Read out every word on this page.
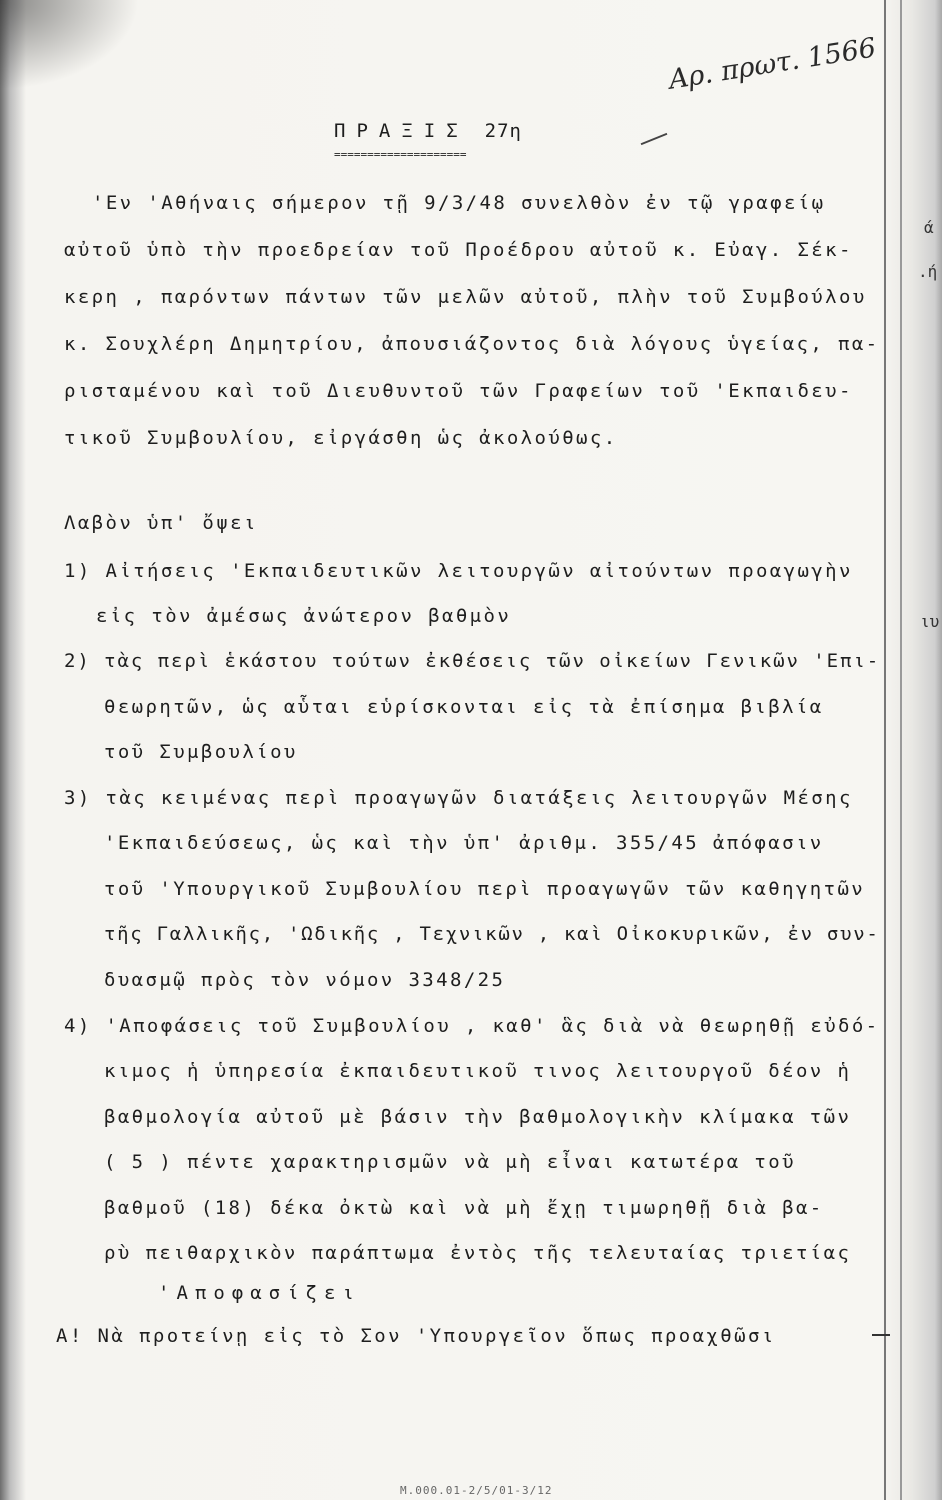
Αρ. πρωτ. 1566
ΠΡΑΞΙΣ 27η
====================
'Εν 'Αθήναις σήμερον τῇ 9/3/48 συνελθὸν ἐν τῷ γραφείῳ
αὐτοῦ ὑπὸ τὴν προεδρείαν τοῦ Προέδρου αὐτοῦ κ. Εὐαγ. Σέκ-
κερη , παρόντων πάντων τῶν μελῶν αὐτοῦ, πλὴν τοῦ Συμβούλου
κ. Σουχλέρη Δημητρίου, ἀπουσιάζοντος διὰ λόγους ὑγείας, πα-
ρισταμένου καὶ τοῦ Διευθυντοῦ τῶν Γραφείων τοῦ 'Εκπαιδευ-
τικοῦ Συμβουλίου, εἰργάσθη ὡς ἀκολούθως.
Λαβὸν ὑπ' ὄψει
1) Αἰτήσεις 'Εκπαιδευτικῶν λειτουργῶν αἰτούντων προαγωγὴν
εἰς τὸν ἀμέσως ἀνώτερον βαθμὸν
2) τὰς περὶ ἑκάστου τούτων ἐκθέσεις τῶν οἰκείων Γενικῶν 'Επι-
θεωρητῶν, ὡς αὗται εὑρίσκονται εἰς τὰ ἐπίσημα βιβλία
τοῦ Συμβουλίου
3) τὰς κειμένας περὶ προαγωγῶν διατάξεις λειτουργῶν Μέσης
'Εκπαιδεύσεως, ὡς καὶ τὴν ὑπ' ἀριθμ. 355/45 ἀπόφασιν
τοῦ 'Υπουργικοῦ Συμβουλίου περὶ προαγωγῶν τῶν καθηγητῶν
τῆς Γαλλικῆς, 'Ωδικῆς , Τεχνικῶν , καὶ Οἰκοκυρικῶν, ἐν συν-
δυασμῷ πρὸς τὸν νόμον 3348/25
4) 'Αποφάσεις τοῦ Συμβουλίου , καθ' ἃς διὰ νὰ θεωρηθῇ εὐδό-
κιμος ἡ ὑπηρεσία ἐκπαιδευτικοῦ τινος λειτουργοῦ δέον ἡ
βαθμολογία αὐτοῦ μὲ βάσιν τὴν βαθμολογικὴν κλίμακα τῶν
( 5 ) πέντε χαρακτηρισμῶν νὰ μὴ εἶναι κατωτέρα τοῦ
βαθμοῦ (18) δέκα ὀκτὼ καὶ νὰ μὴ ἔχῃ τιμωρηθῇ διὰ βα-
ρὺ πειθαρχικὸν παράπτωμα ἐντὸς τῆς τελευταίας τριετίας
'Αποφασίζει
Α! Νὰ προτείνῃ εἰς τὸ Σον 'Υπουργεῖον ὅπως προαχθῶσι
ά
.ή
ιυ
M.000.01-2/5/01-3/12
